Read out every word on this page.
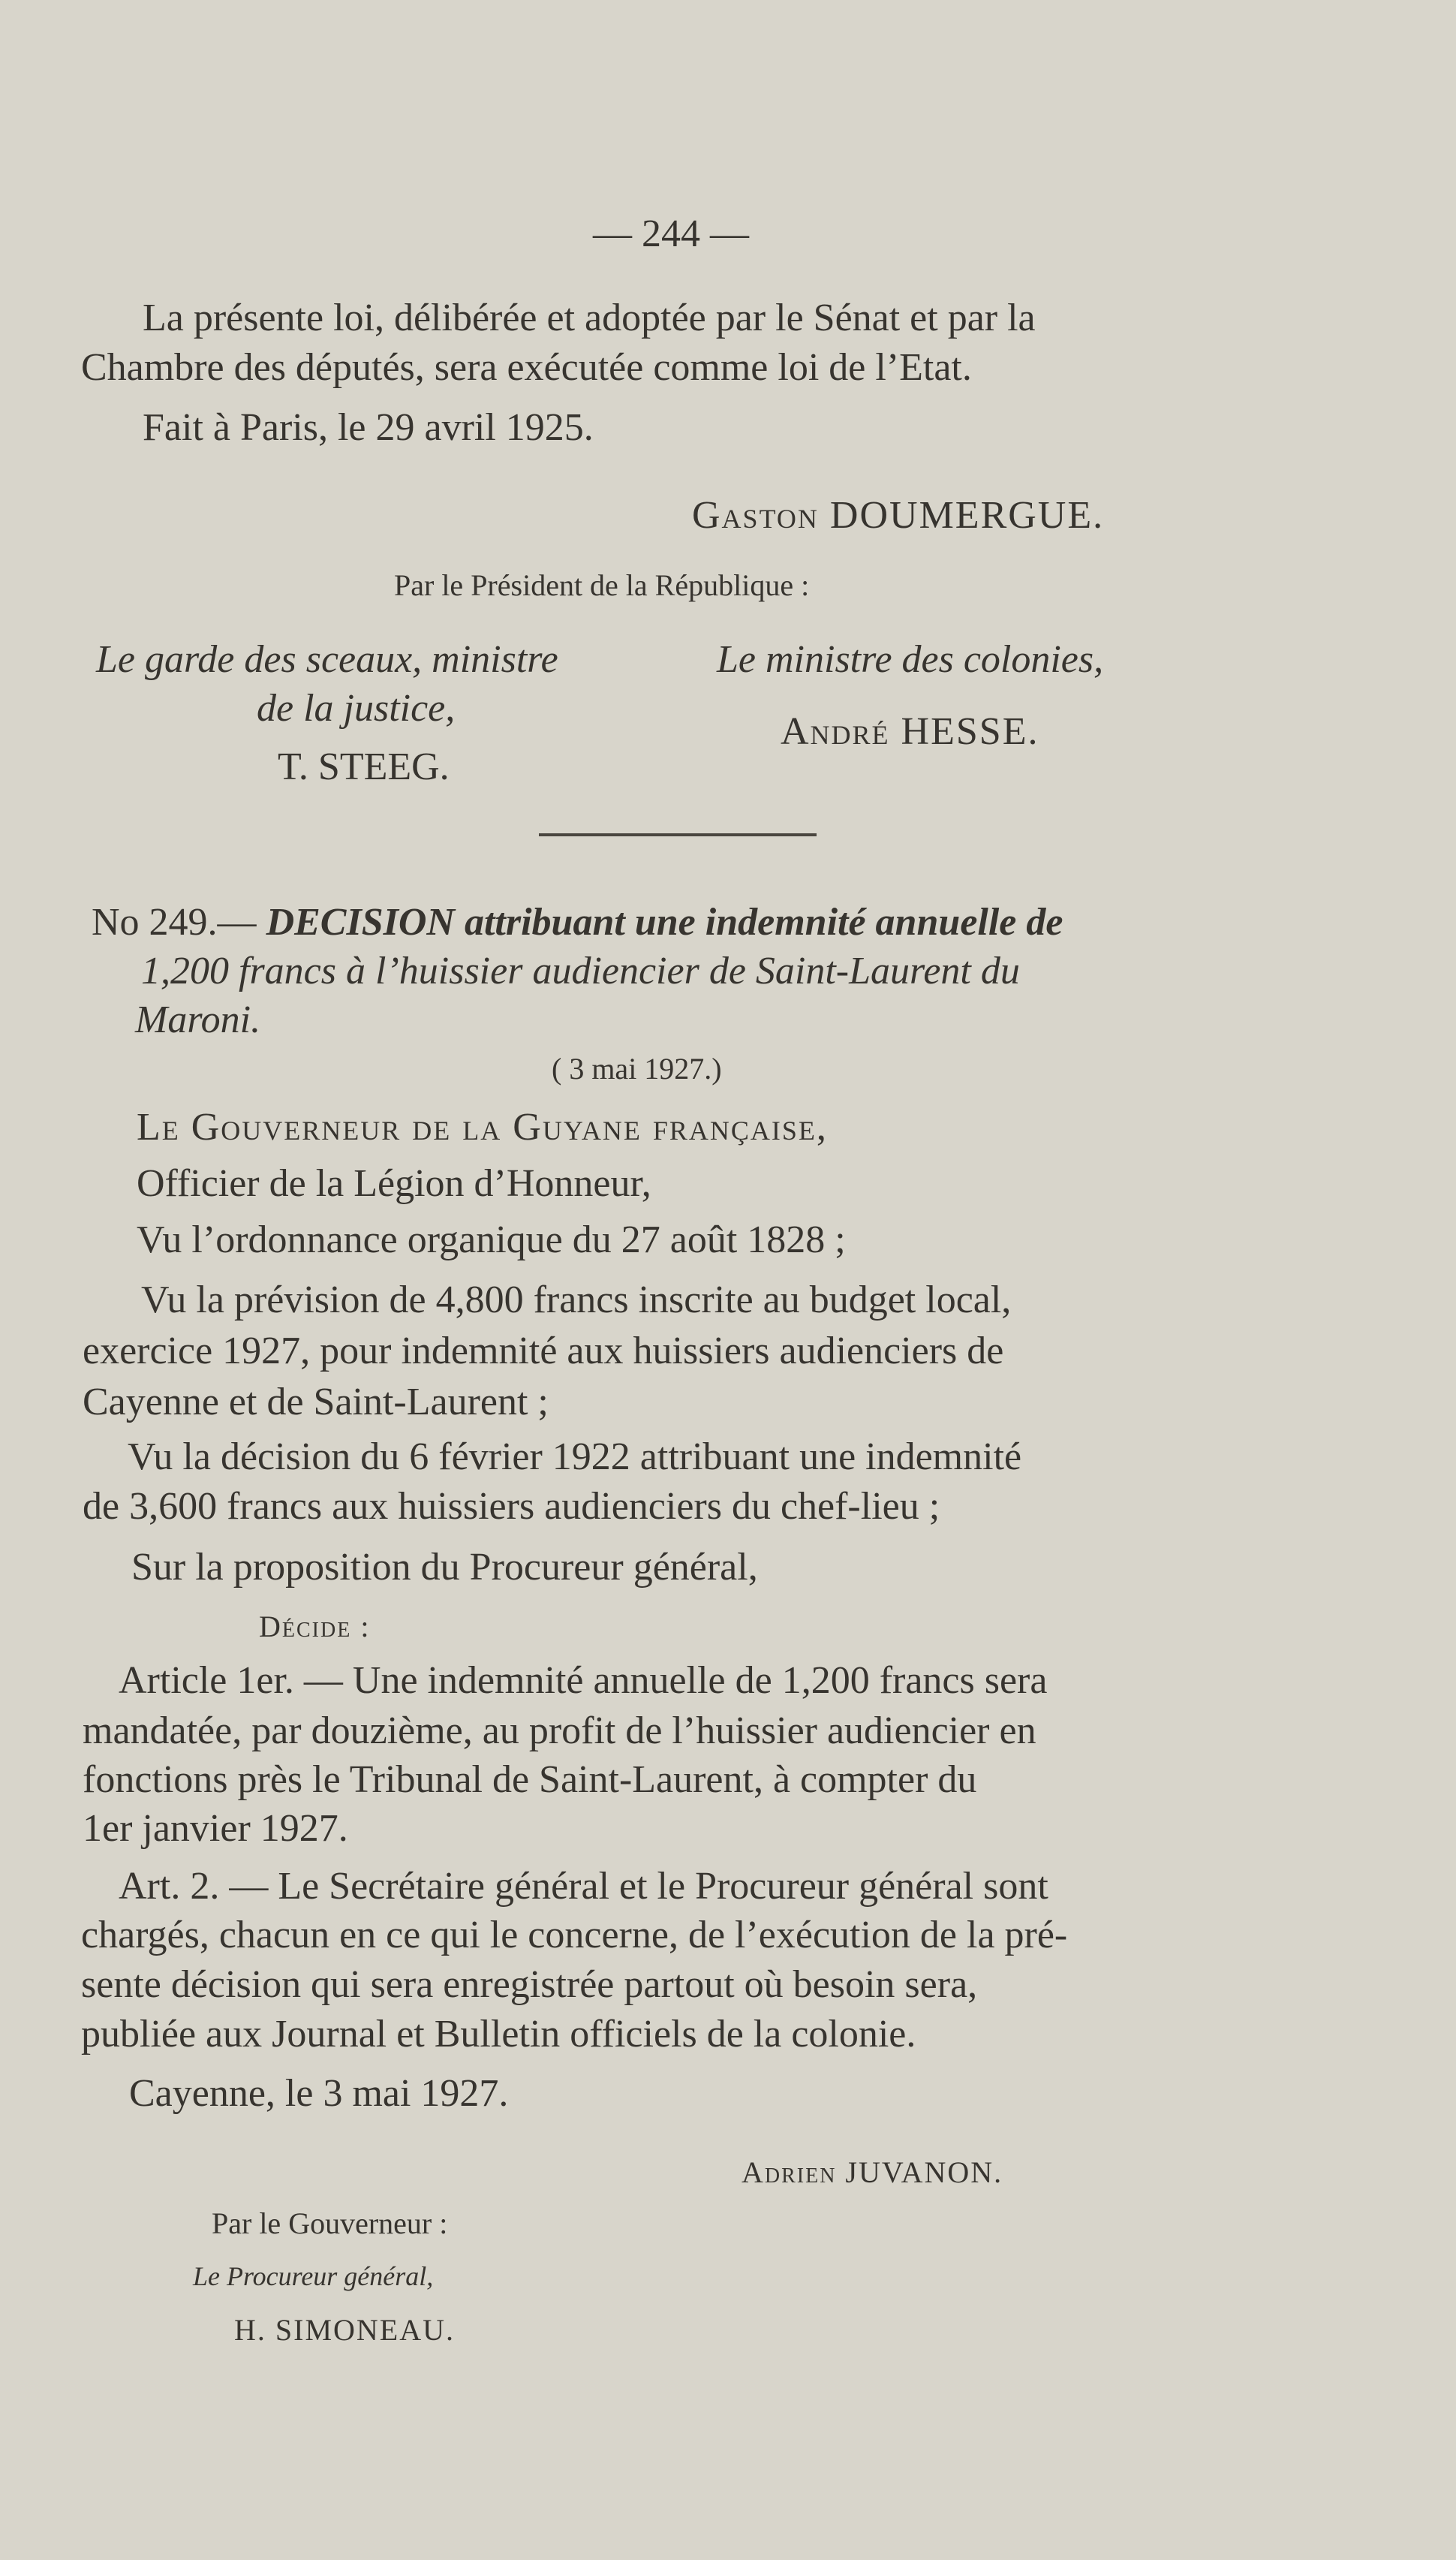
— 244 —
La présente loi, délibérée et adoptée par le Sénat et par la
Chambre des députés, sera exécutée comme loi de l’Etat.
Fait à Paris, le 29 avril 1925.
Gaston DOUMERGUE.
Par le Président de la République :
Le garde des sceaux, ministre
de la justice,
T. STEEG.
Le ministre des colonies,
André HESSE.
No 249.— DECISION attribuant une indemnité annuelle de
1,200 francs à l’huissier audiencier de Saint-Laurent du
Maroni.
( 3 mai 1927.)
Le Gouverneur de la Guyane française,
Officier de la Légion d’Honneur,
Vu l’ordonnance organique du 27 août 1828 ;
Vu la prévision de 4,800 francs inscrite au budget local,
exercice 1927, pour indemnité aux huissiers audienciers de
Cayenne et de Saint-Laurent ;
Vu la décision du 6 février 1922 attribuant une indemnité
de 3,600 francs aux huissiers audienciers du chef-lieu ;
Sur la proposition du Procureur général,
Décide :
Article 1er. — Une indemnité annuelle de 1,200 francs sera
mandatée, par douzième, au profit de l’huissier audiencier en
fonctions près le Tribunal de Saint-Laurent, à compter du
1er janvier 1927.
Art. 2. — Le Secrétaire général et le Procureur général sont
chargés, chacun en ce qui le concerne, de l’exécution de la pré-
sente décision qui sera enregistrée partout où besoin sera,
publiée aux Journal et Bulletin officiels de la colonie.
Cayenne, le 3 mai 1927.
Adrien JUVANON.
Par le Gouverneur :
Le Procureur général,
H. SIMONEAU.
